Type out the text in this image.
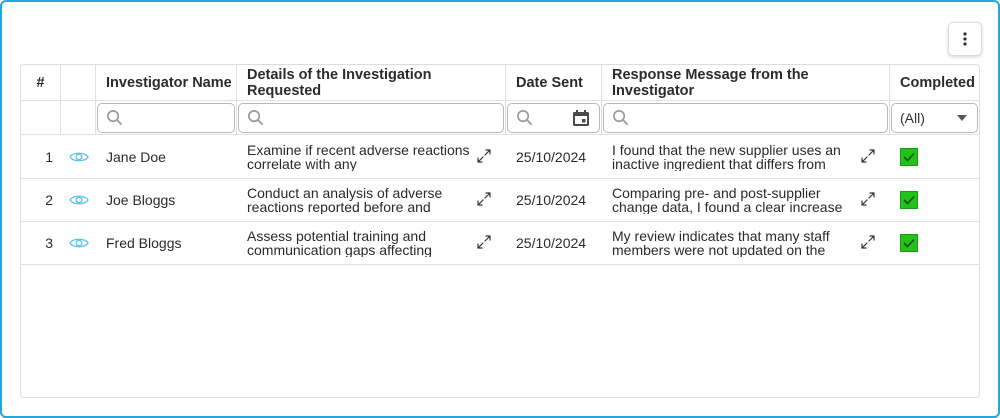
#	Investigator Name	Details of the Investigation Requested	Date Sent	Response Message from the Investigator	Completed
(All)
1	Jane Doe	Examine if recent adverse reactions correlate with any	25/10/2024	I found that the new supplier uses an inactive ingredient that differs from
2	Joe Bloggs	Conduct an analysis of adverse reactions reported before and	25/10/2024	Comparing pre- and post-supplier change data, I found a clear increase
3	Fred Bloggs	Assess potential training and communication gaps affecting	25/10/2024	My review indicates that many staff members were not updated on the
